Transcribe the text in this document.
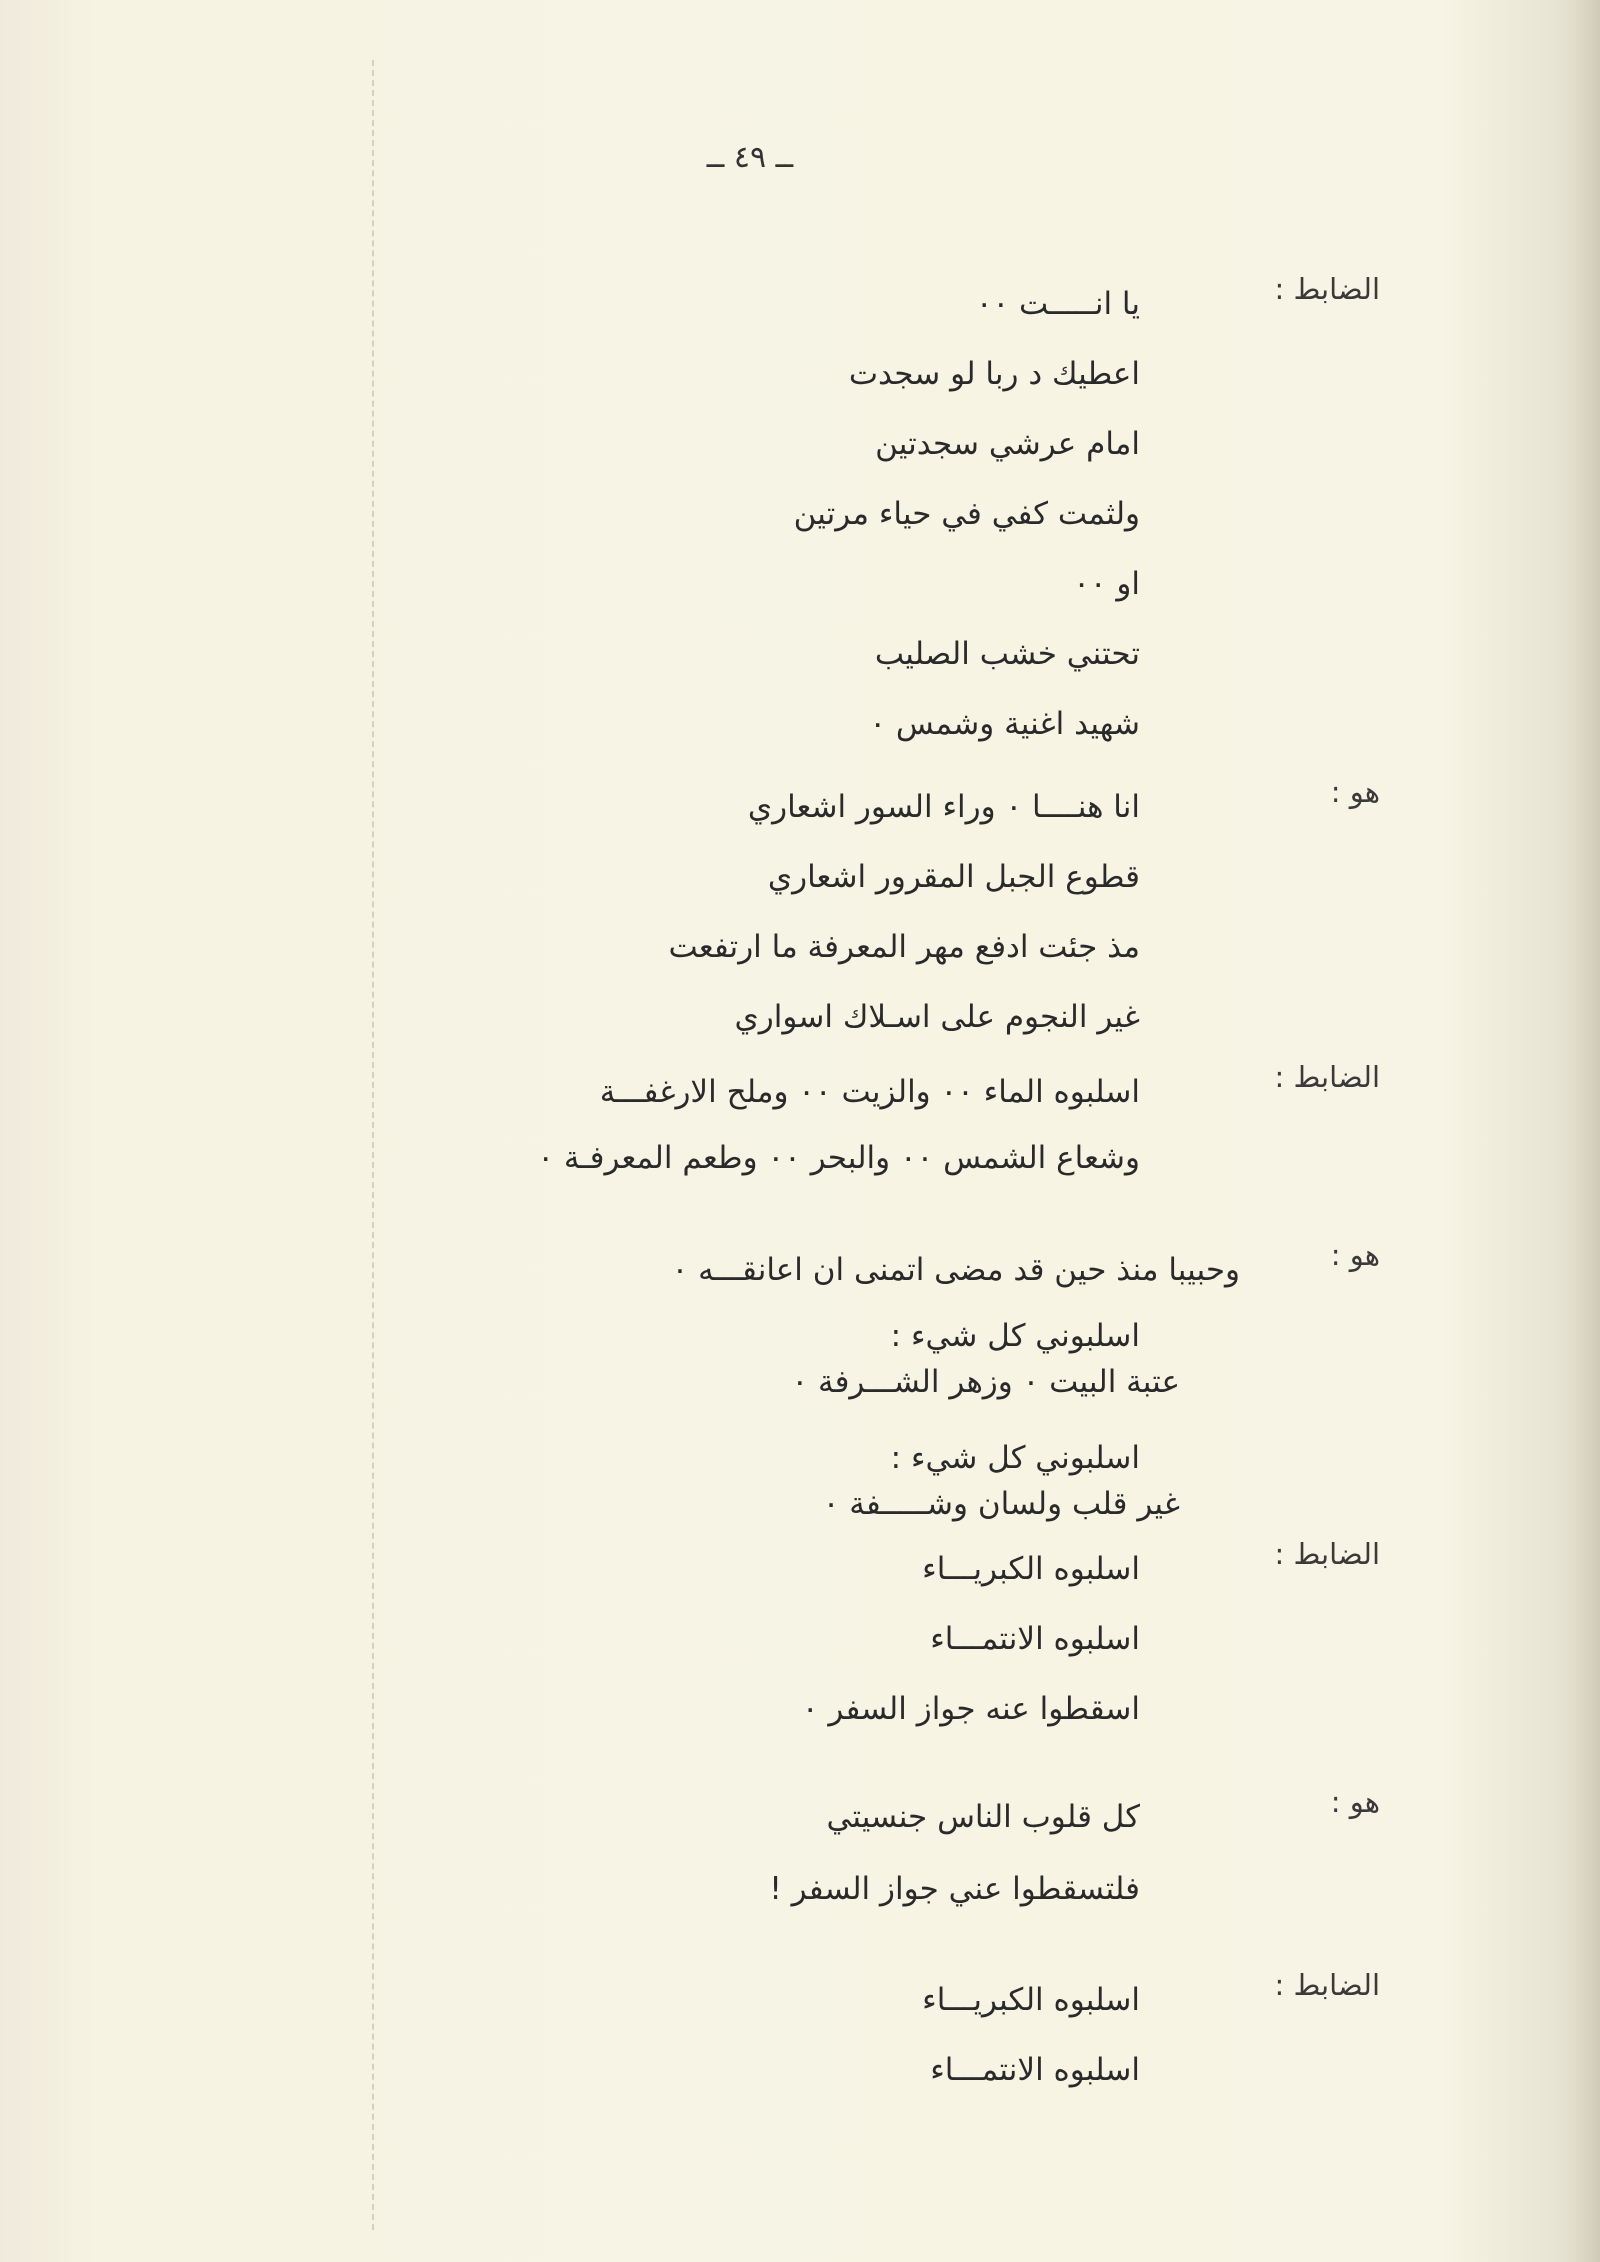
ــ ٤٩ ــ
الضابط :
يا انـــــت ٠٠
اعطيك د ربا لو سجدت
امام عرشي سجدتين
ولثمت كفي في حياء مرتين
او ٠٠
تحتني خشب الصليب
شهيد اغنية وشمس ٠
هو :
انا هنــــا ٠ وراء السور اشعاري
قطوع الجبل المقرور اشعاري
مذ جئت ادفع مهر المعرفة ما ارتفعت
غير النجوم على اسـلاك اسواري
الضابط :
اسلبوه الماء ٠٠ والزيت ٠٠ وملح الارغفـــة
وشعاع الشمس ٠٠ والبحر ٠٠ وطعم المعرفـة ٠
هو :
وحبيبا منذ حين قد مضى اتمنى ان اعانقـــه ٠
اسلبوني كل شيء :
عتبة البيت ٠ وزهر الشـــرفة ٠
اسلبوني كل شيء :
غير قلب ولسان وشـــــفة ٠
الضابط :
اسلبوه الكبريـــاء
اسلبوه الانتمـــاء
اسقطوا عنه جواز السفر ٠
هو :
كل قلوب الناس جنسيتي
فلتسقطوا عني جواز السفر !
الضابط :
اسلبوه الكبريـــاء
اسلبوه الانتمـــاء
